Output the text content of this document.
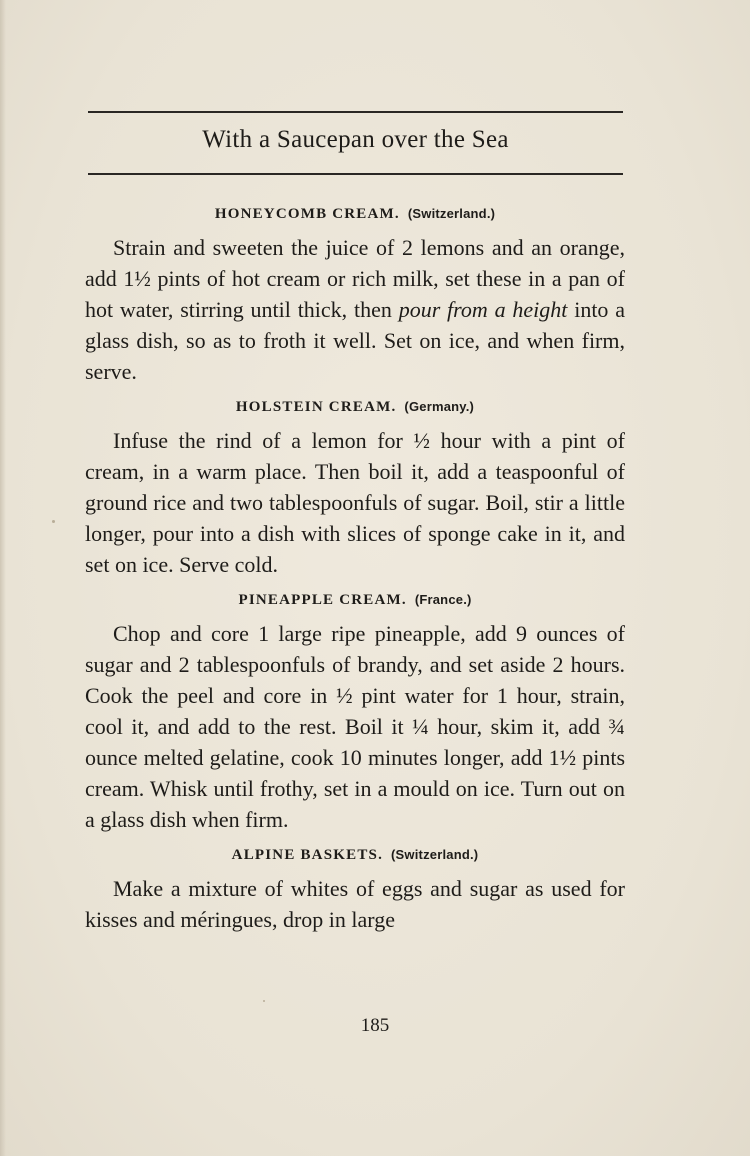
With a Saucepan over the Sea

HONEYCOMB CREAM. (Switzerland.)

Strain and sweeten the juice of 2 lemons and an orange, add 1½ pints of hot cream or rich milk, set these in a pan of hot water, stirring until thick, then pour from a height into a glass dish, so as to froth it well. Set on ice, and when firm, serve.

HOLSTEIN CREAM. (Germany.)

Infuse the rind of a lemon for ½ hour with a pint of cream, in a warm place. Then boil it, add a teaspoonful of ground rice and two tablespoonfuls of sugar. Boil, stir a little longer, pour into a dish with slices of sponge cake in it, and set on ice. Serve cold.

PINEAPPLE CREAM. (France.)

Chop and core 1 large ripe pineapple, add 9 ounces of sugar and 2 tablespoonfuls of brandy, and set aside 2 hours. Cook the peel and core in ½ pint water for 1 hour, strain, cool it, and add to the rest. Boil it ¼ hour, skim it, add ¾ ounce melted gelatine, cook 10 minutes longer, add 1½ pints cream. Whisk until frothy, set in a mould on ice. Turn out on a glass dish when firm.

ALPINE BASKETS. (Switzerland.)

Make a mixture of whites of eggs and sugar as used for kisses and méringues, drop in large

185
